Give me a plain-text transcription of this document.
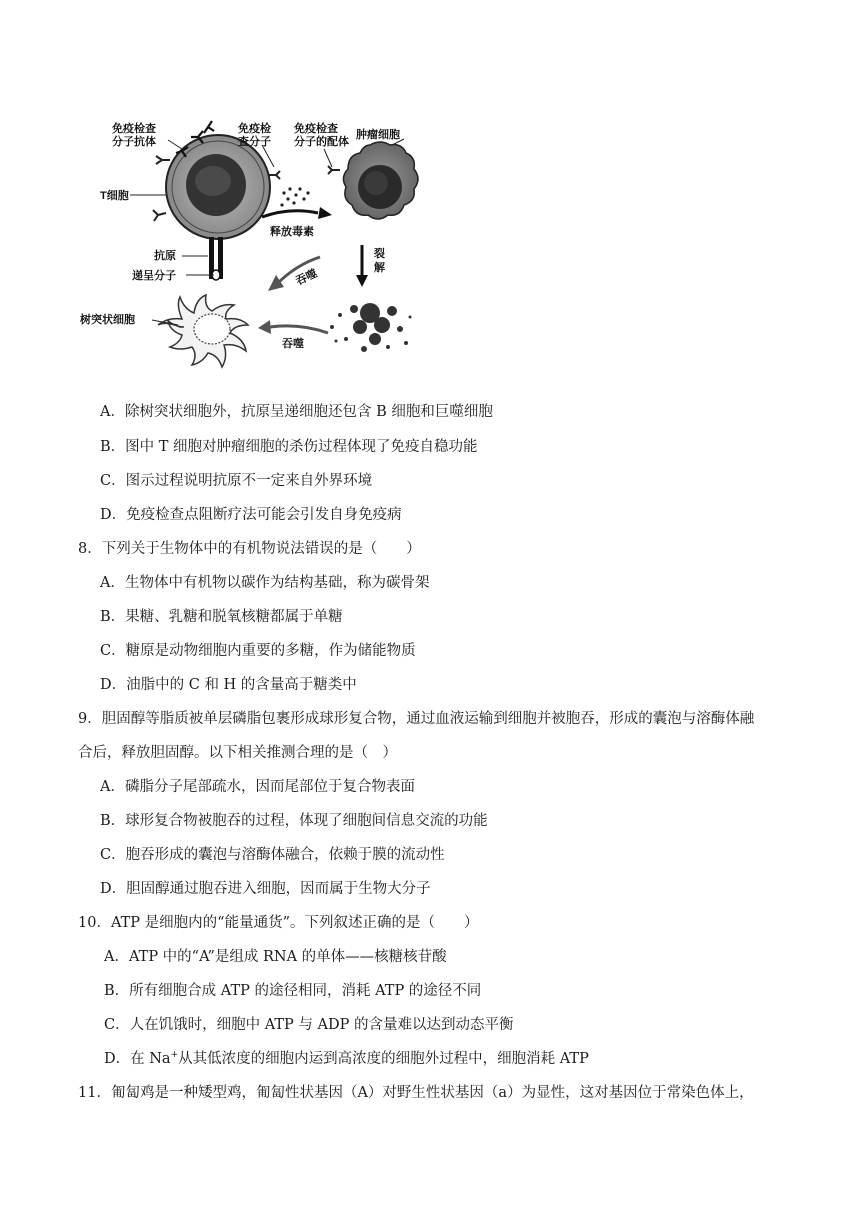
免疫检查
分子抗体
免疫检
查分子
免疫检查
分子的配体
肿瘤细胞
T细胞
释放毒素
裂
解
抗原
递呈分子
树突状细胞
吞噬
吞噬
A．除树突状细胞外，抗原呈递细胞还包含 B 细胞和巨噬细胞
B．图中 T 细胞对肿瘤细胞的杀伤过程体现了免疫自稳功能
C．图示过程说明抗原不一定来自外界环境
D．免疫检查点阻断疗法可能会引发自身免疫病
8．下列关于生物体中的有机物说法错误的是（　　）
A．生物体中有机物以碳作为结构基础，称为碳骨架
B．果糖、乳糖和脱氧核糖都属于单糖
C．糖原是动物细胞内重要的多糖，作为储能物质
D．油脂中的 C 和 H 的含量高于糖类中
9．胆固醇等脂质被单层磷脂包裹形成球形复合物，通过血液运输到细胞并被胞吞，形成的囊泡与溶酶体融
合后，释放胆固醇。以下相关推测合理的是（　）
A．磷脂分子尾部疏水，因而尾部位于复合物表面
B．球形复合物被胞吞的过程，体现了细胞间信息交流的功能
C．胞吞形成的囊泡与溶酶体融合，依赖于膜的流动性
D．胆固醇通过胞吞进入细胞，因而属于生物大分子
10．ATP 是细胞内的“能量通货”。下列叙述正确的是（　　）
A．ATP 中的“A”是组成 RNA 的单体——核糖核苷酸
B．所有细胞合成 ATP 的途径相同，消耗 ATP 的途径不同
C．人在饥饿时，细胞中 ATP 与 ADP 的含量难以达到动态平衡
D．在 Na+从其低浓度的细胞内运到高浓度的细胞外过程中，细胞消耗 ATP
11．匍匐鸡是一种矮型鸡，匍匐性状基因（A）对野生性状基因（a）为显性，这对基因位于常染色体上，
